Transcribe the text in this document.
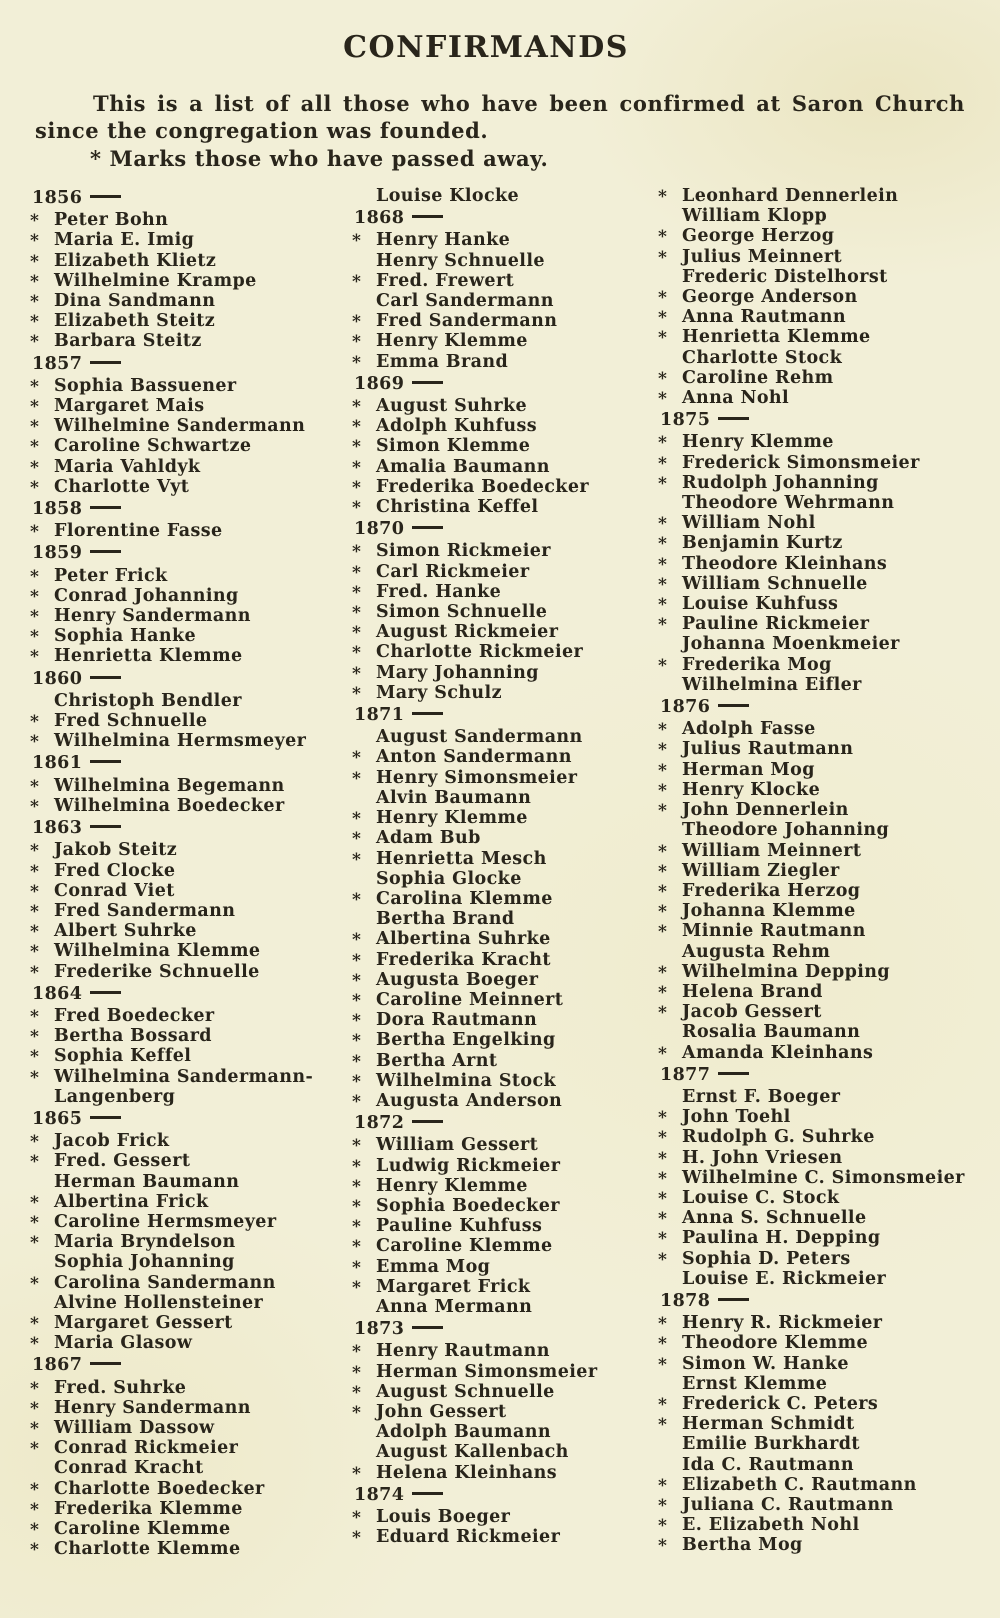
CONFIRMANDS
This is a list of all those who have been confirmed at Saron Church
since the congregation was founded.
* Marks those who have passed away.
1856
* Peter Bohn
* Maria E. Imig
* Elizabeth Klietz
* Wilhelmine Krampe
* Dina Sandmann
* Elizabeth Steitz
* Barbara Steitz
1857
* Sophia Bassuener
* Margaret Mais
* Wilhelmine Sandermann
* Caroline Schwartze
* Maria Vahldyk
* Charlotte Vyt
1858
* Florentine Fasse
1859
* Peter Frick
* Conrad Johanning
* Henry Sandermann
* Sophia Hanke
* Henrietta Klemme
1860
Christoph Bendler
* Fred Schnuelle
* Wilhelmina Hermsmeyer
1861
* Wilhelmina Begemann
* Wilhelmina Boedecker
1863
* Jakob Steitz
* Fred Clocke
* Conrad Viet
* Fred Sandermann
* Albert Suhrke
* Wilhelmina Klemme
* Frederike Schnuelle
1864
* Fred Boedecker
* Bertha Bossard
* Sophia Keffel
* Wilhelmina Sandermann-
Langenberg
1865
* Jacob Frick
* Fred. Gessert
Herman Baumann
* Albertina Frick
* Caroline Hermsmeyer
* Maria Bryndelson
Sophia Johanning
* Carolina Sandermann
Alvine Hollensteiner
* Margaret Gessert
* Maria Glasow
1867
* Fred. Suhrke
* Henry Sandermann
* William Dassow
* Conrad Rickmeier
Conrad Kracht
* Charlotte Boedecker
* Frederika Klemme
* Caroline Klemme
* Charlotte Klemme
Louise Klocke
1868
* Henry Hanke
Henry Schnuelle
* Fred. Frewert
Carl Sandermann
* Fred Sandermann
* Henry Klemme
* Emma Brand
1869
* August Suhrke
* Adolph Kuhfuss
* Simon Klemme
* Amalia Baumann
* Frederika Boedecker
* Christina Keffel
1870
* Simon Rickmeier
* Carl Rickmeier
* Fred. Hanke
* Simon Schnuelle
* August Rickmeier
* Charlotte Rickmeier
* Mary Johanning
* Mary Schulz
1871
August Sandermann
* Anton Sandermann
* Henry Simonsmeier
Alvin Baumann
* Henry Klemme
* Adam Bub
* Henrietta Mesch
Sophia Glocke
* Carolina Klemme
Bertha Brand
* Albertina Suhrke
* Frederika Kracht
* Augusta Boeger
* Caroline Meinnert
* Dora Rautmann
* Bertha Engelking
* Bertha Arnt
* Wilhelmina Stock
* Augusta Anderson
1872
* William Gessert
* Ludwig Rickmeier
* Henry Klemme
* Sophia Boedecker
* Pauline Kuhfuss
* Caroline Klemme
* Emma Mog
* Margaret Frick
Anna Mermann
1873
* Henry Rautmann
* Herman Simonsmeier
* August Schnuelle
* John Gessert
Adolph Baumann
August Kallenbach
* Helena Kleinhans
1874
* Louis Boeger
* Eduard Rickmeier
* Leonhard Dennerlein
William Klopp
* George Herzog
* Julius Meinnert
Frederic Distelhorst
* George Anderson
* Anna Rautmann
* Henrietta Klemme
Charlotte Stock
* Caroline Rehm
* Anna Nohl
1875
* Henry Klemme
* Frederick Simonsmeier
* Rudolph Johanning
Theodore Wehrmann
* William Nohl
* Benjamin Kurtz
* Theodore Kleinhans
* William Schnuelle
* Louise Kuhfuss
* Pauline Rickmeier
Johanna Moenkmeier
* Frederika Mog
Wilhelmina Eifler
1876
* Adolph Fasse
* Julius Rautmann
* Herman Mog
* Henry Klocke
* John Dennerlein
Theodore Johanning
* William Meinnert
* William Ziegler
* Frederika Herzog
* Johanna Klemme
* Minnie Rautmann
Augusta Rehm
* Wilhelmina Depping
* Helena Brand
* Jacob Gessert
Rosalia Baumann
* Amanda Kleinhans
1877
Ernst F. Boeger
* John Toehl
* Rudolph G. Suhrke
* H. John Vriesen
* Wilhelmine C. Simonsmeier
* Louise C. Stock
* Anna S. Schnuelle
* Paulina H. Depping
* Sophia D. Peters
Louise E. Rickmeier
1878
* Henry R. Rickmeier
* Theodore Klemme
* Simon W. Hanke
Ernst Klemme
* Frederick C. Peters
* Herman Schmidt
Emilie Burkhardt
Ida C. Rautmann
* Elizabeth C. Rautmann
* Juliana C. Rautmann
* E. Elizabeth Nohl
* Bertha Mog
